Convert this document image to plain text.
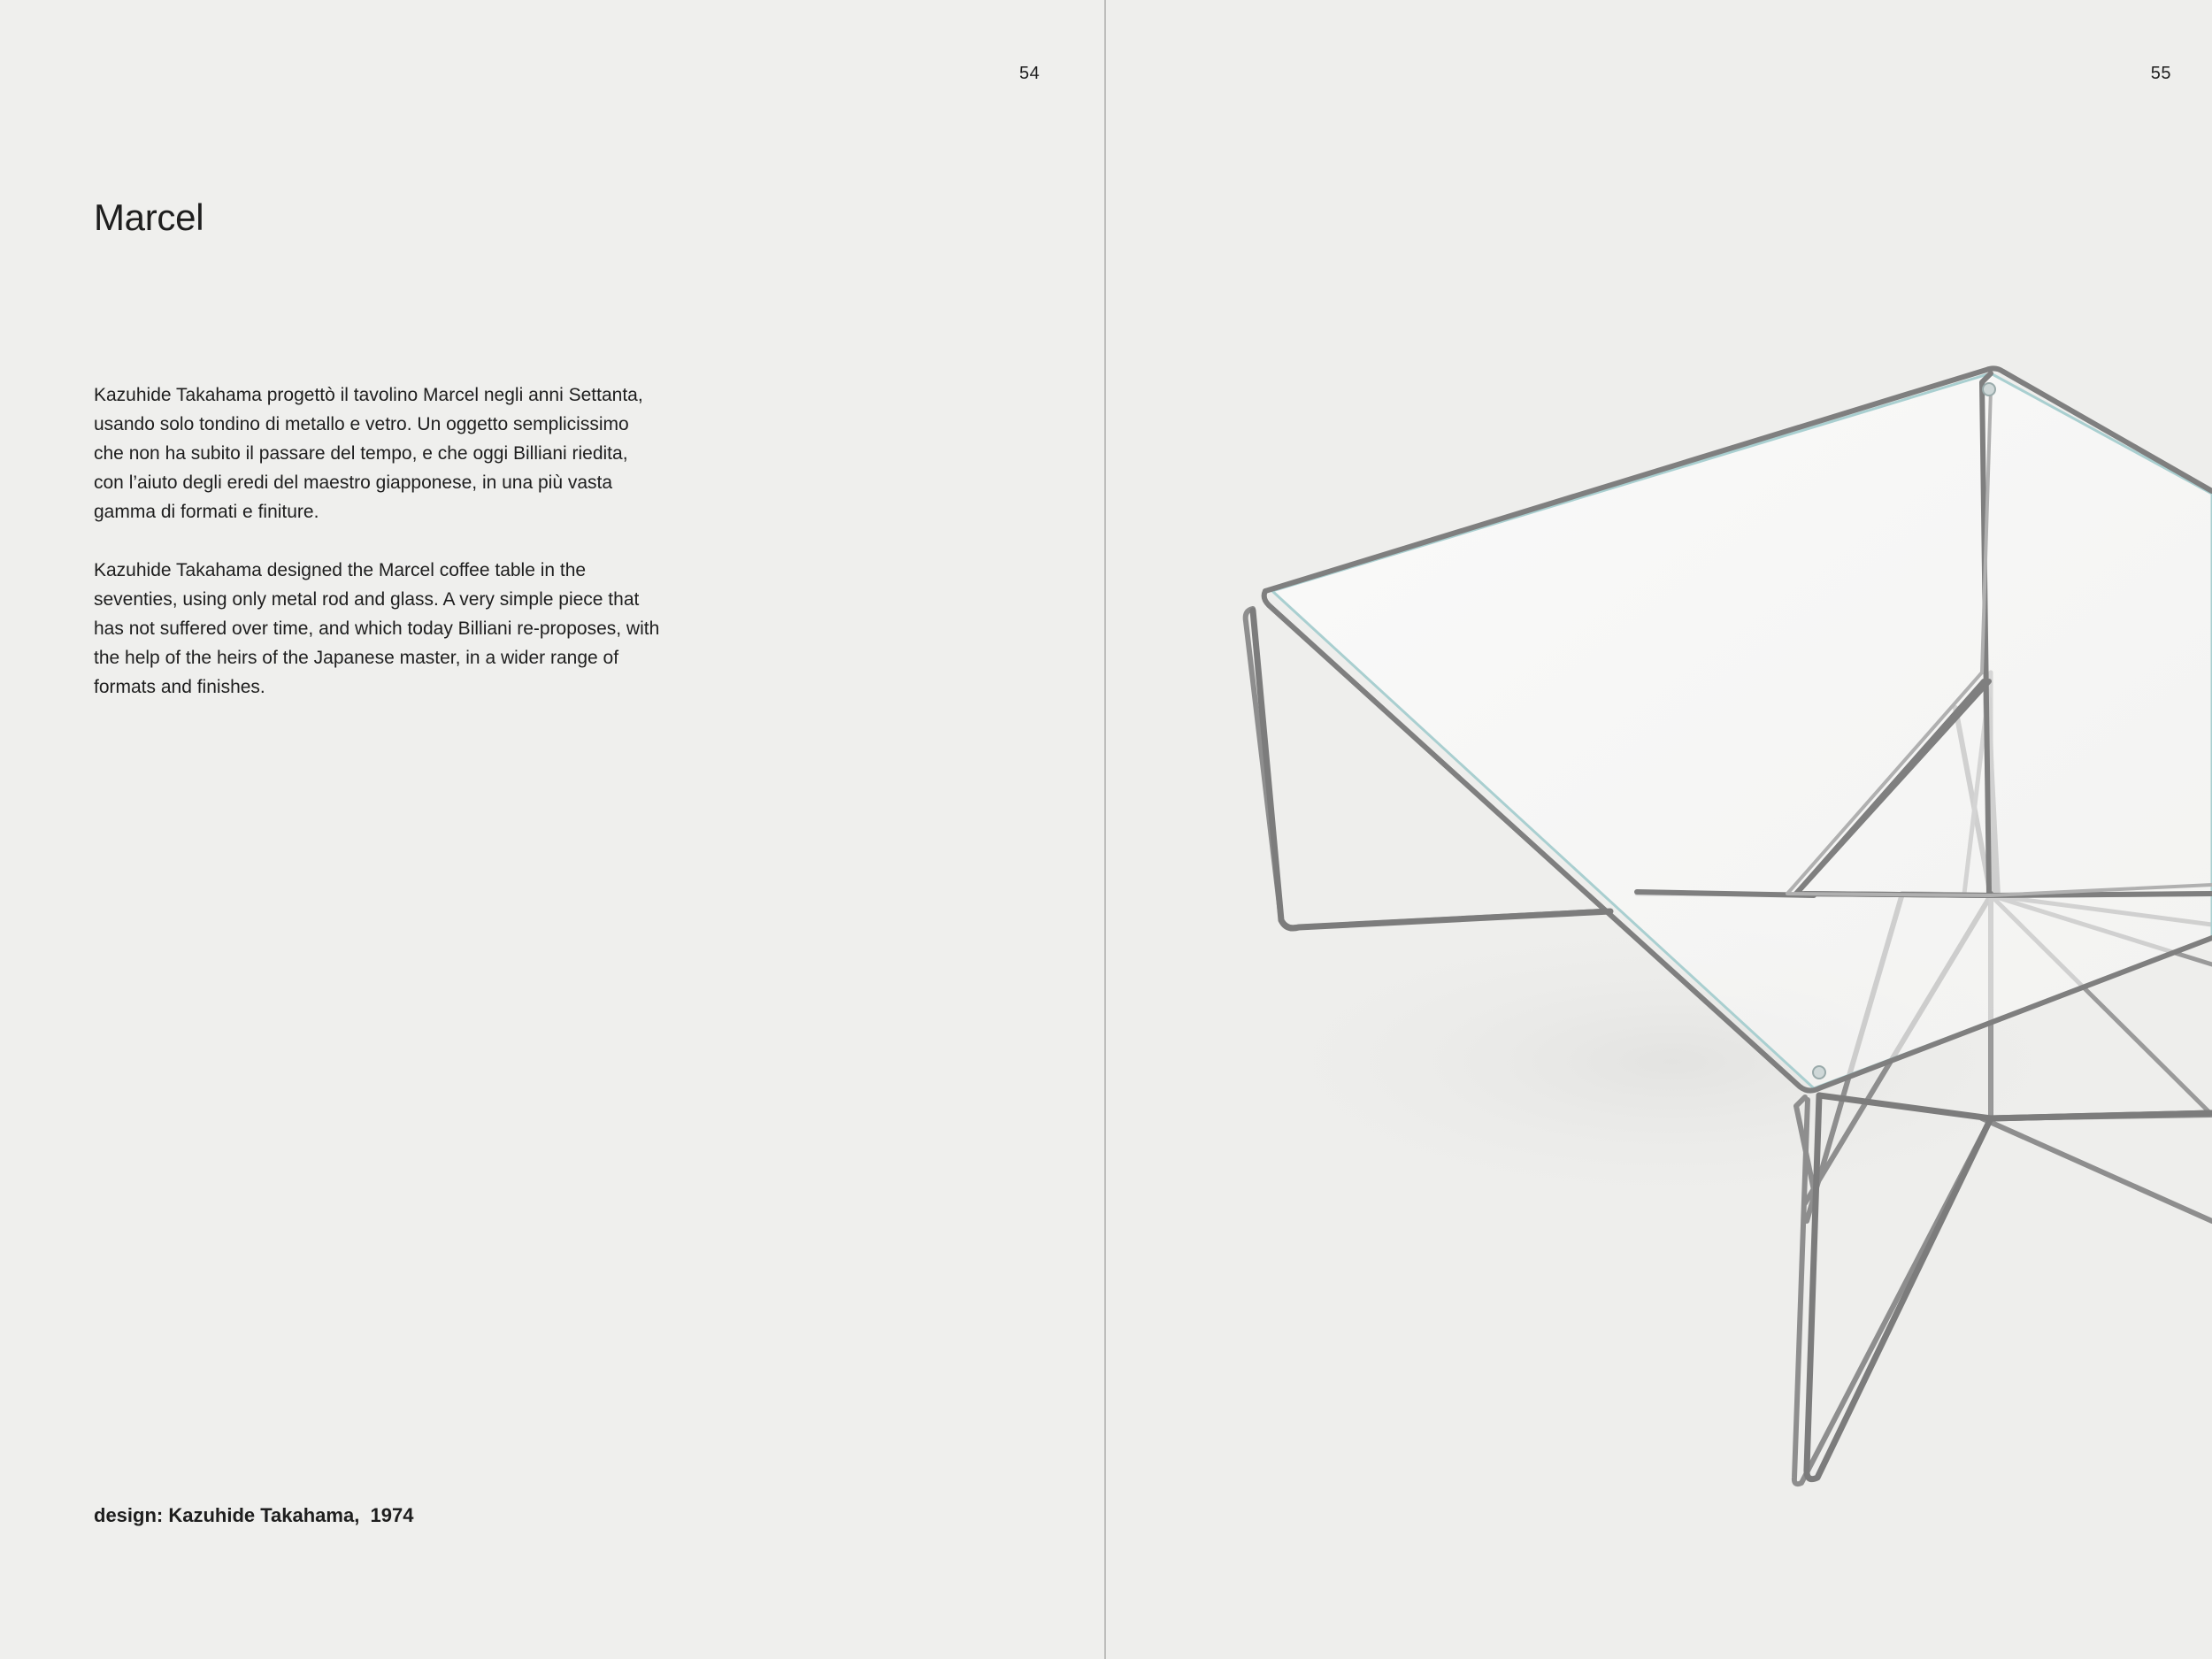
54
Marcel

Kazuhide Takahama progettò il tavolino Marcel negli anni Settanta, usando solo tondino di metallo e vetro. Un oggetto semplicissimo che non ha subito il passare del tempo, e che oggi Billiani riedita, con l’aiuto degli eredi del maestro giapponese, in una più vasta gamma di formati e finiture.

Kazuhide Takahama designed the Marcel coffee table in the seventies, using only metal rod and glass. A very simple piece that has not suffered over time, and which today Billiani re-proposes, with the help of the heirs of the Japanese master, in a wider range of formats and finishes.

design: Kazuhide Takahama,  1974
55
